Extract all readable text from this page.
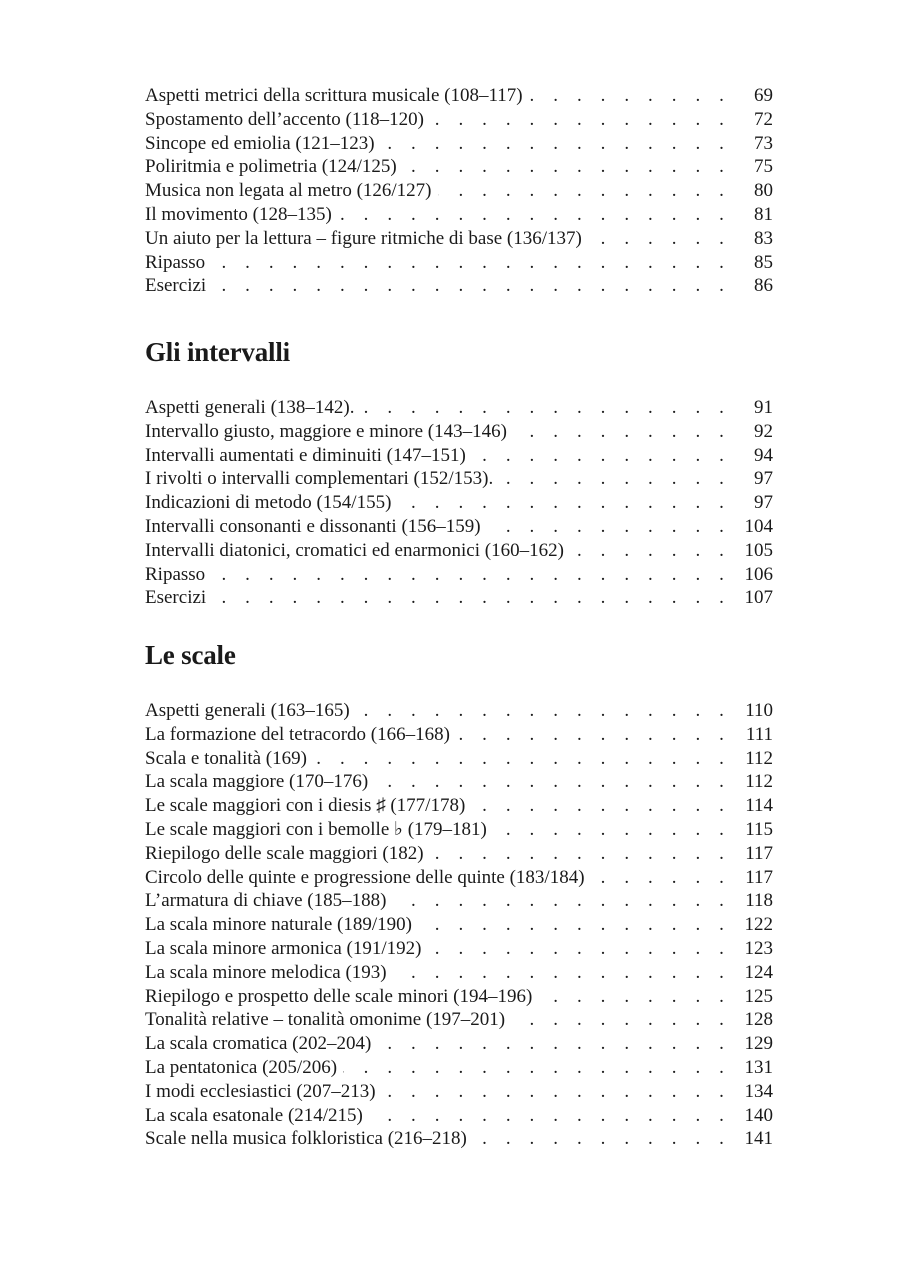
Aspetti metrici della scrittura musicale (108–117) . . .	69
Spostamento dell’accento (118–120) . . .	72
Sincope ed emiolia (121–123) . . .	73
Poliritmia e polimetria (124/125) . . .	75
Musica non legata al metro (126/127) . . .	80
Il movimento (128–135) . . .	81
Un aiuto per la lettura – figure ritmiche di base (136/137) . . .	83
Ripasso . . .	85
Esercizi . . .	86
Gli intervalli
Aspetti generali (138–142). . . .	91
Intervallo giusto, maggiore e minore (143–146) . . .	92
Intervalli aumentati e diminuiti (147–151) . . .	94
I rivolti o intervalli complementari (152/153). . . .	97
Indicazioni di metodo (154/155) . . .	97
Intervalli consonanti e dissonanti (156–159) . . .	104
Intervalli diatonici, cromatici ed enarmonici (160–162) . . .	105
Ripasso . . .	106
Esercizi . . .	107
Le scale
Aspetti generali (163–165) . . .	110
La formazione del tetracordo (166–168) . . .	111
Scala e tonalità (169) . . .	112
La scala maggiore (170–176) . . .	112
Le scale maggiori con i diesis ♯ (177/178) . . .	114
Le scale maggiori con i bemolle ♭ (179–181) . . .	115
Riepilogo delle scale maggiori (182) . . .	117
Circolo delle quinte e progressione delle quinte (183/184) . . .	117
L’armatura di chiave (185–188) . . .	118
La scala minore naturale (189/190) . . .	122
La scala minore armonica (191/192) . . .	123
La scala minore melodica (193) . . .	124
Riepilogo e prospetto delle scale minori (194–196) . . .	125
Tonalità relative – tonalità omonime (197–201) . . .	128
La scala cromatica (202–204) . . .	129
La pentatonica (205/206) . . .	131
I modi ecclesiastici (207–213) . . .	134
La scala esatonale (214/215) . . .	140
Scale nella musica folkloristica (216–218) . . .	141
